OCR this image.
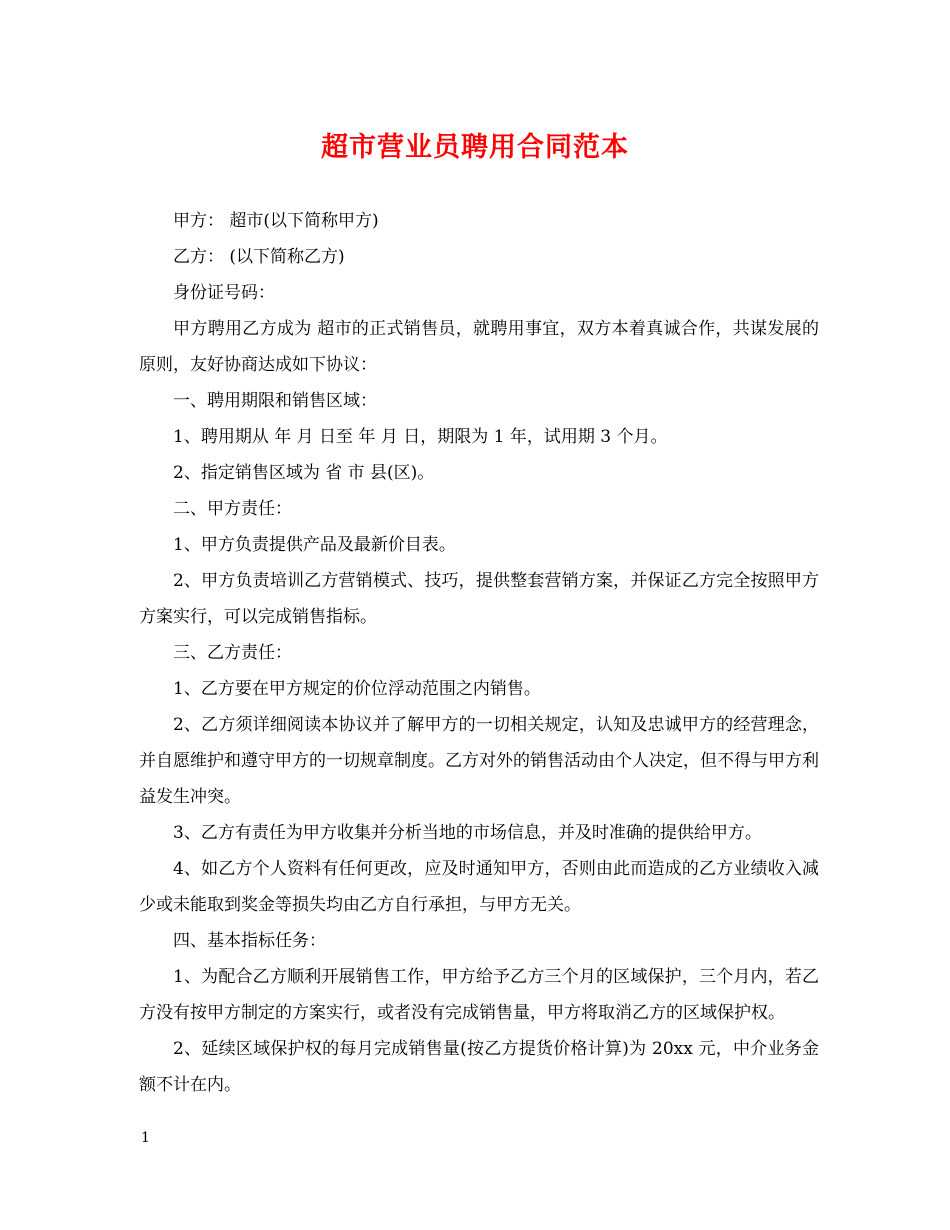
超市营业员聘用合同范本

甲方： 超市(以下简称甲方)

乙方： (以下简称乙方)

身份证号码：

甲方聘用乙方成为 超市的正式销售员，就聘用事宜，双方本着真诚合作，共谋发展的原则，友好协商达成如下协议：

一、聘用期限和销售区域：

1、聘用期从 年 月 日至 年 月 日，期限为 1 年，试用期 3 个月。

2、指定销售区域为 省 市 县(区)。

二、甲方责任：

1、甲方负责提供产品及最新价目表。

2、甲方负责培训乙方营销模式、技巧，提供整套营销方案，并保证乙方完全按照甲方方案实行，可以完成销售指标。

三、乙方责任：

1、乙方要在甲方规定的价位浮动范围之内销售。

2、乙方须详细阅读本协议并了解甲方的一切相关规定，认知及忠诚甲方的经营理念，并自愿维护和遵守甲方的一切规章制度。乙方对外的销售活动由个人决定，但不得与甲方利益发生冲突。

3、乙方有责任为甲方收集并分析当地的市场信息，并及时准确的提供给甲方。

4、如乙方个人资料有任何更改，应及时通知甲方，否则由此而造成的乙方业绩收入减少或未能取到奖金等损失均由乙方自行承担，与甲方无关。

四、基本指标任务：

1、为配合乙方顺利开展销售工作，甲方给予乙方三个月的区域保护，三个月内，若乙方没有按甲方制定的方案实行，或者没有完成销售量，甲方将取消乙方的区域保护权。

2、延续区域保护权的每月完成销售量(按乙方提货价格计算)为 20xx 元，中介业务金额不计在内。

1
